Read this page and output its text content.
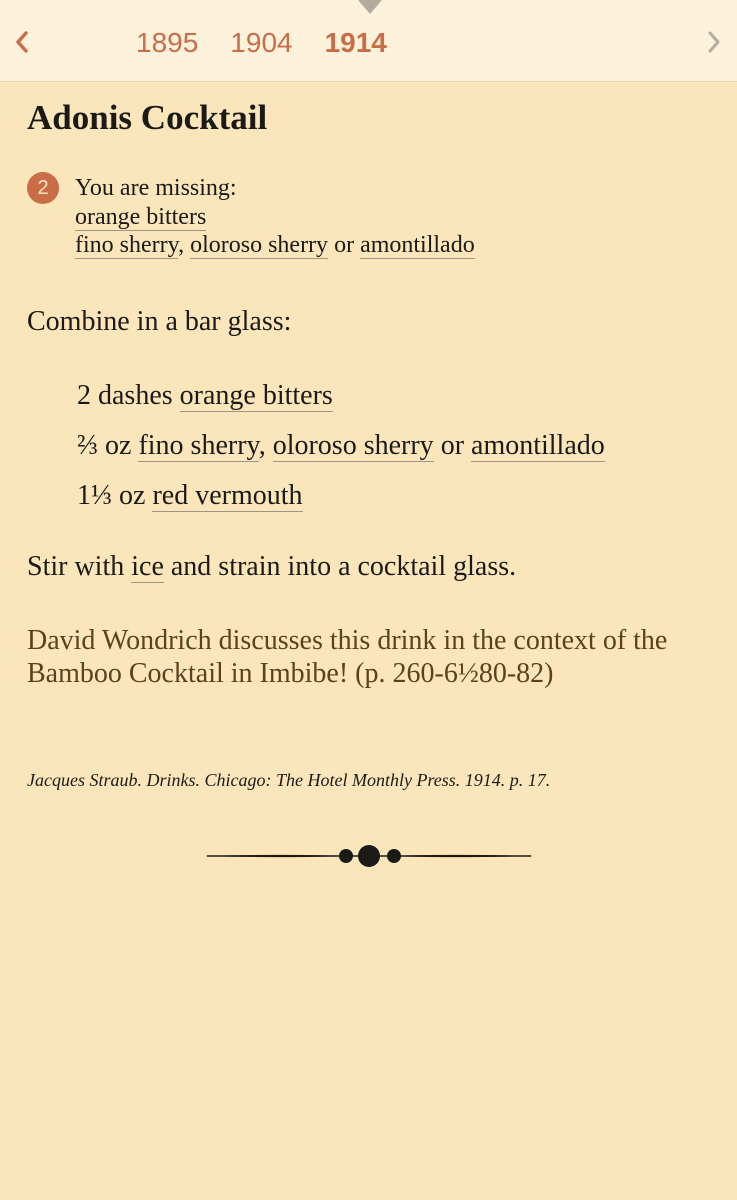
1895 1904 1914
Adonis Cocktail
2	You are missing:
orange bitters
fino sherry, oloroso sherry or amontillado
Combine in a bar glass:
2 dashes orange bitters
⅔ oz fino sherry, oloroso sherry or amontillado
1⅓ oz red vermouth
Stir with ice and strain into a cocktail glass.
David Wondrich discusses this drink in the context of the Bamboo Cocktail in Imbibe! (p. 260-6½80-82)
Jacques Straub. Drinks. Chicago: The Hotel Monthly Press. 1914. p. 17.
